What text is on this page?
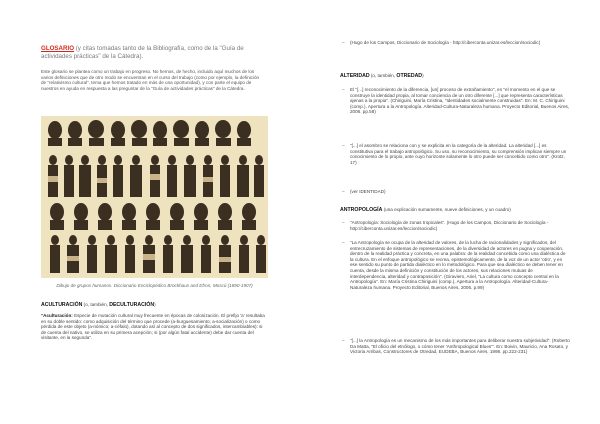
GLOSARIO (y citas tomadas tanto de la Bibliografía, como de la "Guía de actividades prácticas" de la Cátedra).
Este glosario se plantea como un trabajo en progreso. No hemos, de hecho, incluido aquí muchos de los varios definiciones que de otro modo se encuentran en el curso del trabajo (como por ejemplo, la definición de "relativismo cultural", tema que hemos tratado en más de una oportunidad), y con parte el equipo de nuestros en ayuda en respuesta a las preguntar de la "Guía de actividades prácticas" de la Cátedra.
Dibujo de grupos humanos. Diccionario Enciclopédico Brockhaus and Efron, Moscú (1890-1907)
ACULTURACIÓN (o, también, DECULTURACIÓN)
"Aculturación: Especie de mutación cultural muy frecuente en épocas de colonización. El prefijo 'a' resultaba en su doble sentido: como adquisición del término que procede (a-burguesamiento; a-socialización) o como pérdida de este objeto (a-nómico; a-céfalo), dotando así al concepto de dos significados, intercambiables): si de cuenta del nativo, se utiliza en su primera acepción; si (por algún fatal accidente) debe dar cuenta del visitante, en la segunda".
– (Hugo de los Campos, Diccionario de Sociología - http://ciberconta.unizar.es/leccion/sociodic)
ALTERIDAD (o, también, OTREDAD)
– El "[...] reconocimiento de la diferencia, [un] proceso de extrañamiento", en "el momento en el que se construye la identidad propia, al tomar conciencia de un otro diferente [...] que representa características ajenas a la propia". (Chiriguini, María Cristina, "Identidades socialmente construidas". En: M. C. Chiriguini (comp.), Apertura a la Antropología. Alteridad-Cultura-Naturaleza humana. Proyecto Editorial, Buenos Aires, 2006. pp.58)
– "[...] el asombro se relaciona con y se explicita en la categoría de la alteridad. La alteridad [...] es constitutiva para el trabajo antropológico. Su uso, su reconocimiento, su comprensión implican siempre un conocimiento de lo propio, ante cuyo horizonte solamente lo otro puede ser concebido como otro". (Krotz, 17)
– (ver IDENTIDAD)
ANTROPOLOGÍA (una explicación sumamente, nueve definiciones, y un cuadro)
– "Antropología: Sociología de zonas tropicales". (Hugo de los Campos, Diccionario de Sociología - http://ciberconta.unizar.es/leccion/sociodic)
– "La Antropología se ocupa de la alteridad de valores, de la lucha de racionalidades y significados, del entrecruzamiento de sistemas de representaciones, de la diversidad de actores en pugna y cooperación, dentro de la realidad práctica y concreta, en una palabra: de la realidad concebida como una dialéctica de la cultura. En el enfoque antropológico se recrea, epistemológicamente, de la voz de un actor 'otro', y en ese sentido su punto de partida dialéctico en lo metodológico. Para que sea dialéctico se deben tener en cuenta, desde la misma definición y constitución de los actores, sus relaciones mutuas de interdependencia, alteridad y contraposición". (Giraviero, Ariel, "La cultura como concepto central en la Antropología". En: María Cristina Chiriguini (comp.), Apertura a la Antropología. Alteridad-Cultura-Naturaleza humana. Proyecto Editorial, Buenos Aires, 2006. p.99)
– "[...] la Antropología es un mecanismo de los más importantes para deliberar nuestra subjetividad". (Roberto Da Matta, "El oficio del etnólogo, o cómo tener 'Anthropological Blues'". En: Boivin, Mauricio, Ana Rosato, y Victoria Arribas, Constructores de Otredad, EUDEBA, Buenos Aires, 1998. pp.222-231)
